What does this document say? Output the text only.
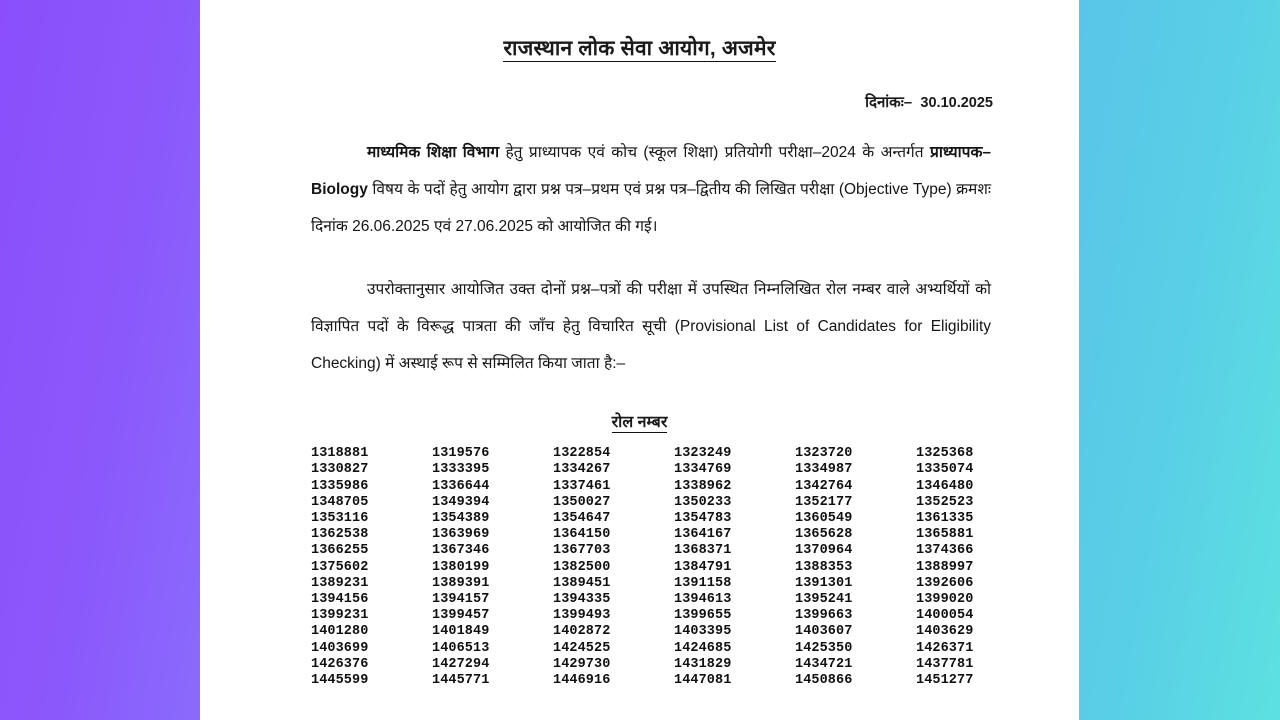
राजस्थान लोक सेवा आयोग, अजमेर

दिनांकः– 30.10.2025

माध्यमिक शिक्षा विभाग हेतु प्राध्यापक एवं कोच (स्कूल शिक्षा) प्रतियोगी परीक्षा–2024 के अन्तर्गत प्राध्यापक–Biology विषय के पदों हेतु आयोग द्वारा प्रश्न पत्र–प्रथम एवं प्रश्न पत्र–द्वितीय की लिखित परीक्षा (Objective Type) क्रमशः दिनांक 26.06.2025 एवं 27.06.2025 को आयोजित की गई।

उपरोक्तानुसार आयोजित उक्त दोनों प्रश्न–पत्रों की परीक्षा में उपस्थित निम्नलिखित रोल नम्बर वाले अभ्यर्थियों को विज्ञापित पदों के विरूद्ध पात्रता की जाँच हेतु विचारित सूची (Provisional List of Candidates for Eligibility Checking) में अस्थाई रूप से सम्मिलित किया जाता है:–

रोल नम्बर
1318881	1319576	1322854	1323249	1323720	1325368
1330827	1333395	1334267	1334769	1334987	1335074
1335986	1336644	1337461	1338962	1342764	1346480
1348705	1349394	1350027	1350233	1352177	1352523
1353116	1354389	1354647	1354783	1360549	1361335
1362538	1363969	1364150	1364167	1365628	1365881
1366255	1367346	1367703	1368371	1370964	1374366
1375602	1380199	1382500	1384791	1388353	1388997
1389231	1389391	1389451	1391158	1391301	1392606
1394156	1394157	1394335	1394613	1395241	1399020
1399231	1399457	1399493	1399655	1399663	1400054
1401280	1401849	1402872	1403395	1403607	1403629
1403699	1406513	1424525	1424685	1425350	1426371
1426376	1427294	1429730	1431829	1434721	1437781
1445599	1445771	1446916	1447081	1450866	1451277
